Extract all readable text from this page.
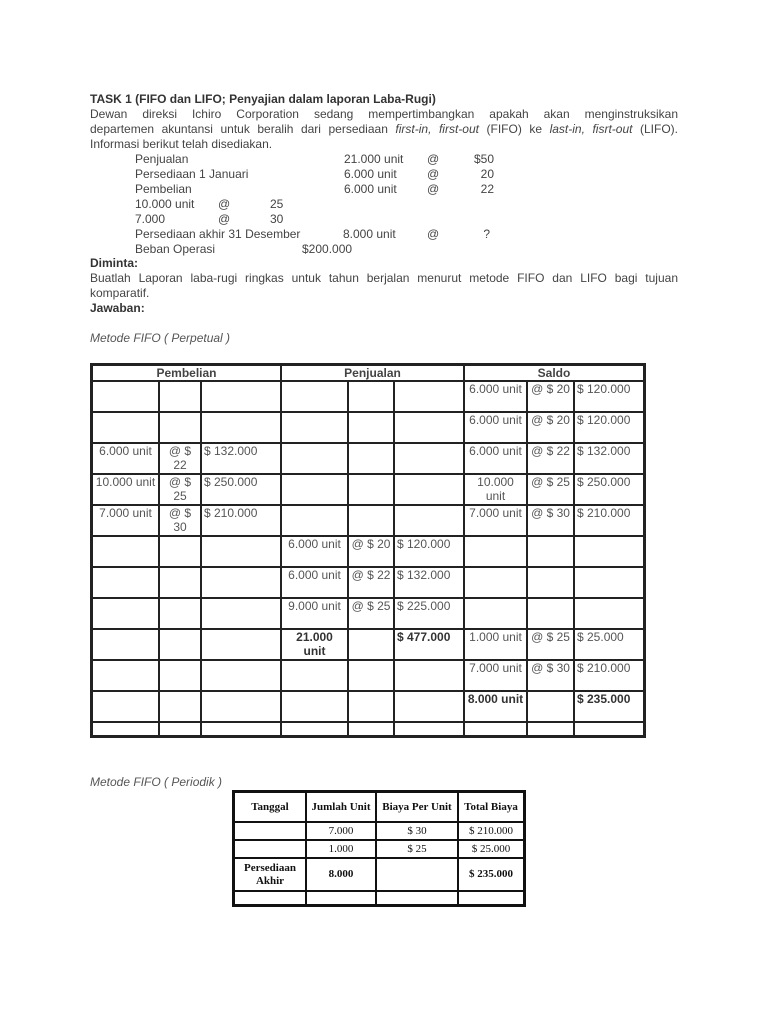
TASK 1 (FIFO dan LIFO; Penyajian dalam laporan Laba-Rugi)
Dewan direksi Ichiro Corporation sedang mempertimbangkan apakah akan menginstruksikan
departemen akuntansi untuk beralih dari persediaan first-in, first-out (FIFO) ke last-in, fisrt-out (LIFO).
Informasi berikut telah disediakan.
Penjualan	21.000 unit @	$50
Persediaan 1 Januari	6.000 unit	@	20
Pembelian	6.000 unit	@	22
10.000 unit @	25
7.000	@	30
Persediaan akhir 31 Desember	8.000 unit	@	?
Beban Operasi	$200.000
Diminta:
Buatlah Laporan laba-rugi ringkas untuk tahun berjalan menurut metode FIFO dan LIFO bagi tujuan
komparatif.
Jawaban:
Metode FIFO ( Perpetual )
Pembelian			Penjualan			Saldo		
						6.000 unit	@ $ 20	$ 120.000
						6.000 unit	@ $ 20	$ 120.000
6.000 unit	@ $ 22	$ 132.000				6.000 unit	@ $ 22	$ 132.000
10.000 unit	@ $ 25	$ 250.000				10.000 unit	@ $ 25	$ 250.000
7.000 unit	@ $ 30	$ 210.000				7.000 unit	@ $ 30	$ 210.000
			6.000 unit	@ $ 20	$ 120.000			
			6.000 unit	@ $ 22	$ 132.000			
			9.000 unit	@ $ 25	$ 225.000			
			21.000 unit		$ 477.000	1.000 unit	@ $ 25	$ 25.000
						7.000 unit	@ $ 30	$ 210.000
						8.000 unit		$ 235.000

Metode FIFO ( Periodik )
Tanggal	Jumlah Unit	Biaya Per Unit	Total Biaya
	7.000	$ 30	$ 210.000
	1.000	$ 25	$ 25.000
Persediaan Akhir	8.000		$ 235.000
